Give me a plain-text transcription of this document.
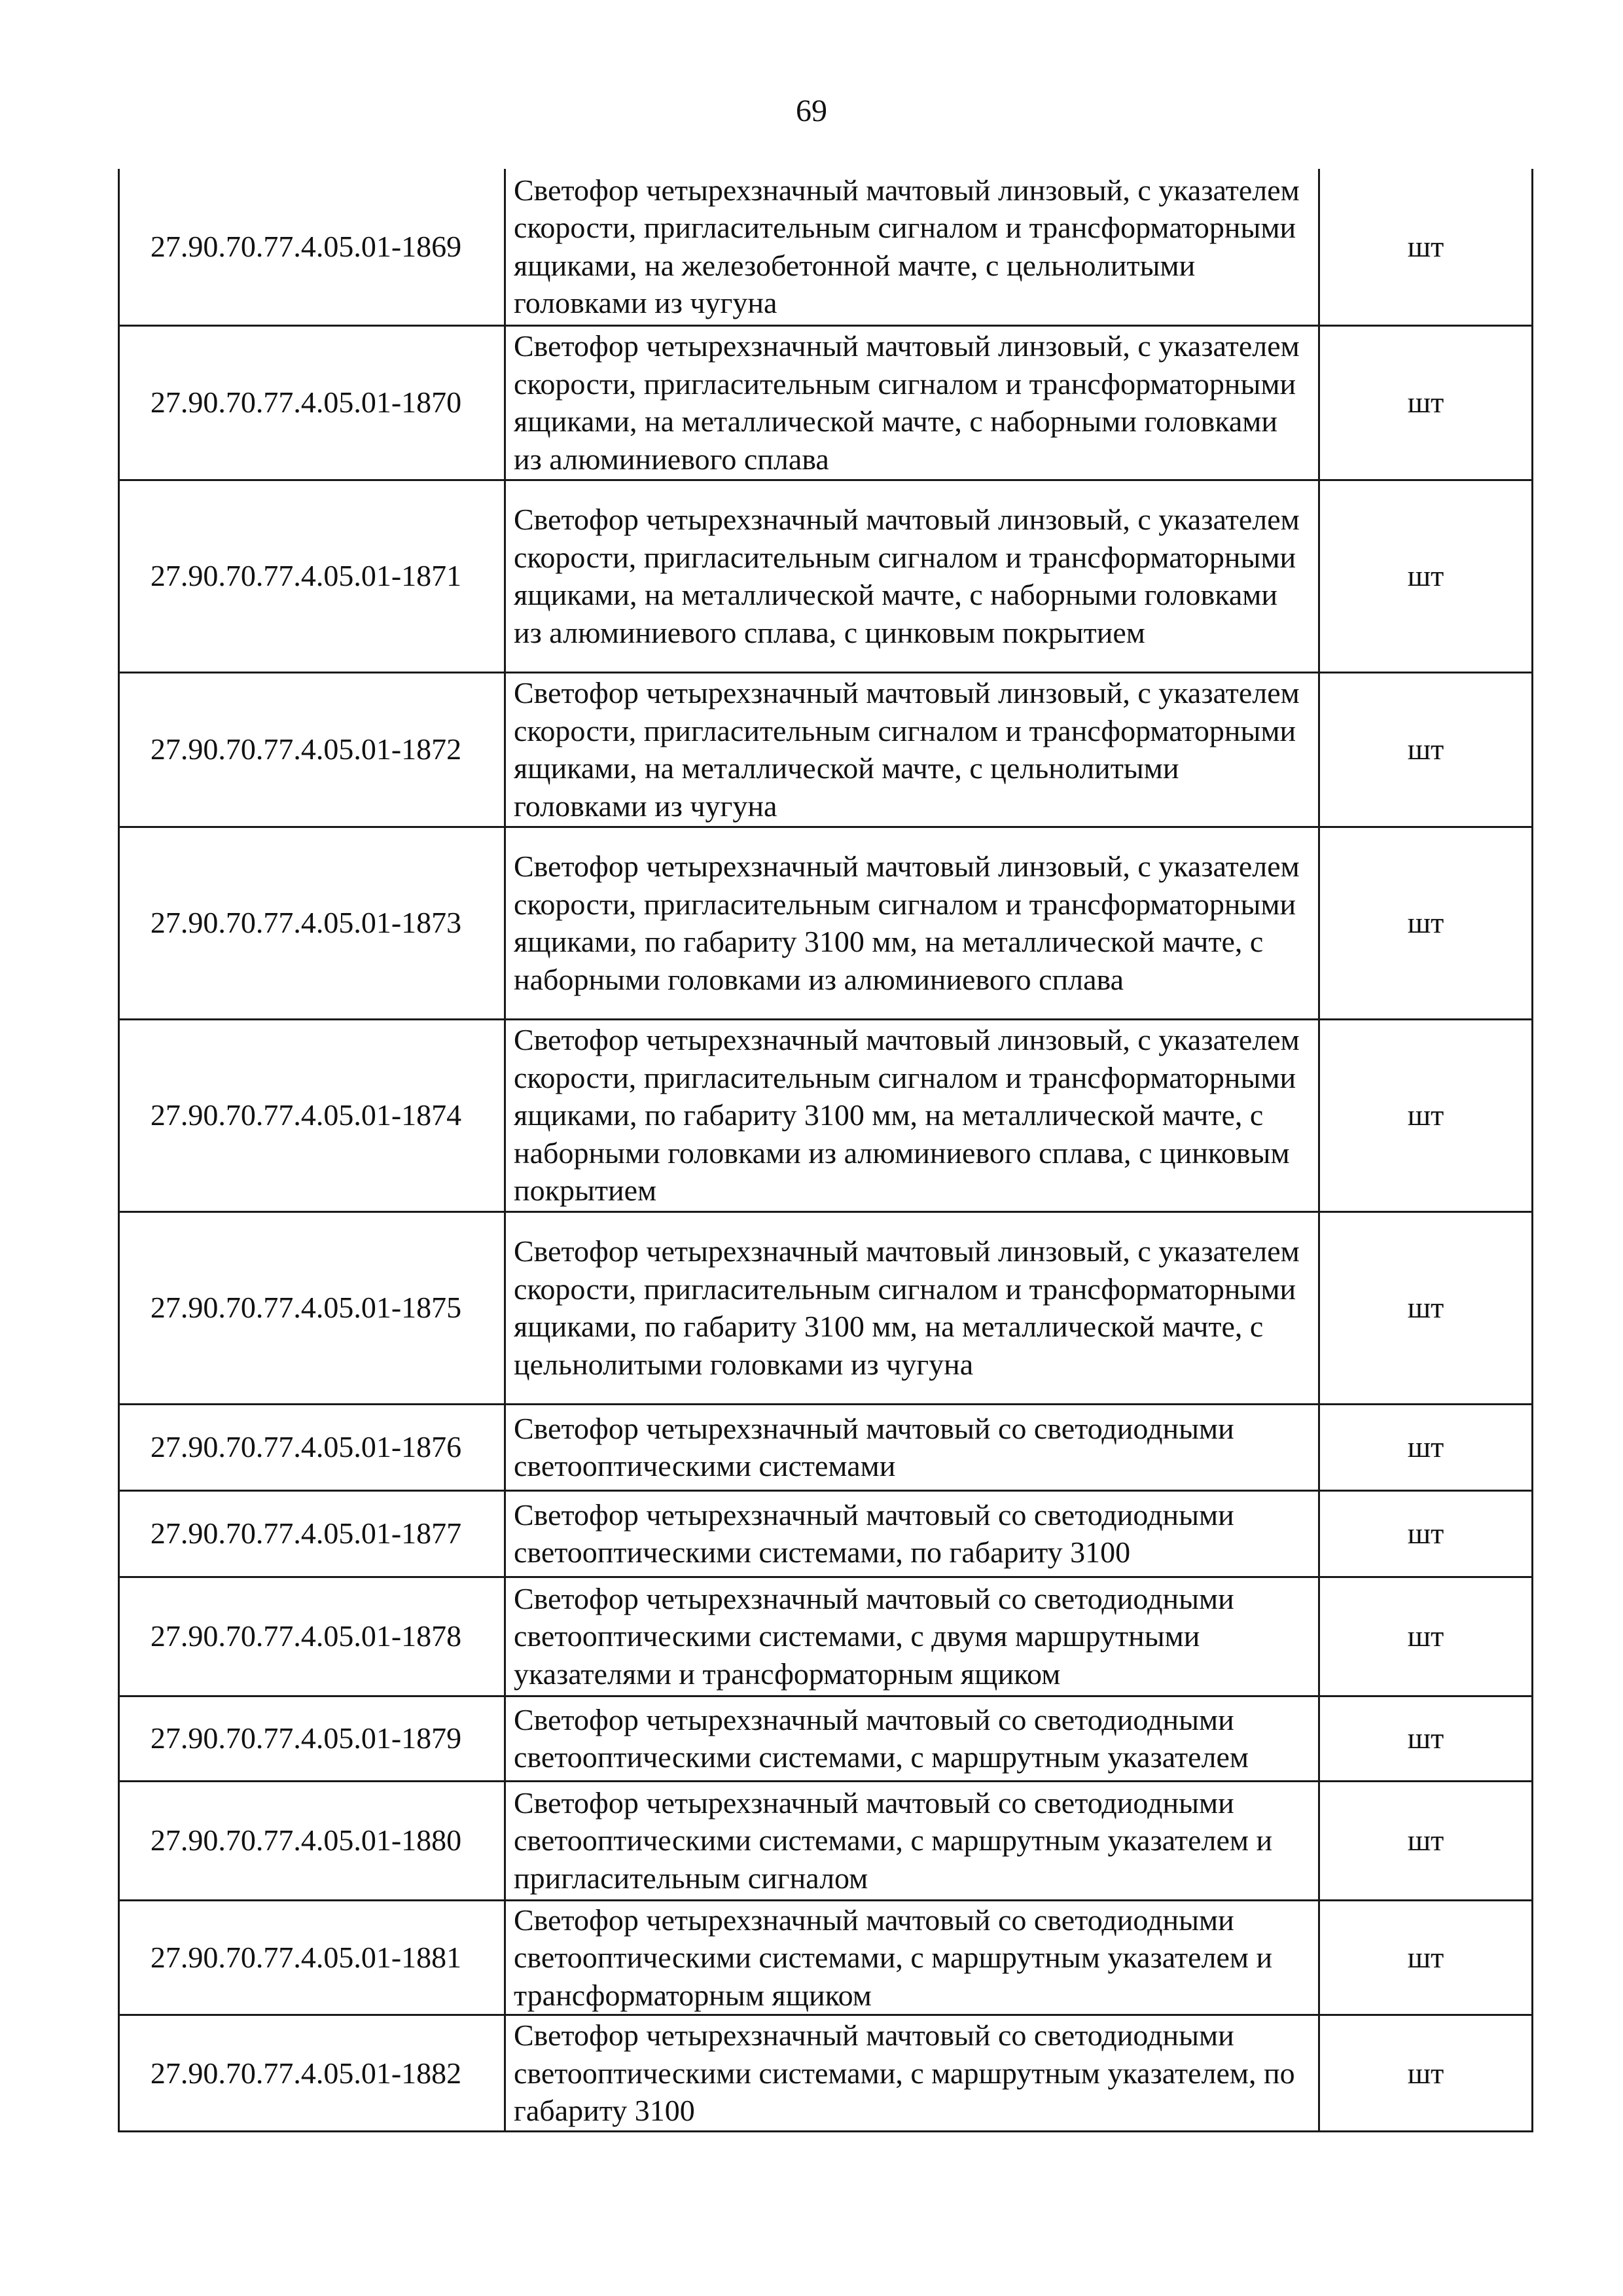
69
27.90.70.77.4.05.01-1869	Светофор четырехзначный мачтовый линзовый, с указателем скорости, пригласительным сигналом и трансформаторными ящиками, на железобетонной мачте, с цельнолитыми головками из чугуна	шт
27.90.70.77.4.05.01-1870	Светофор четырехзначный мачтовый линзовый, с указателем скорости, пригласительным сигналом и трансформаторными ящиками, на металлической мачте, с наборными головками из алюминиевого сплава	шт
27.90.70.77.4.05.01-1871	Светофор четырехзначный мачтовый линзовый, с указателем скорости, пригласительным сигналом и трансформаторными ящиками, на металлической мачте, с наборными головками из алюминиевого сплава, с цинковым покрытием	шт
27.90.70.77.4.05.01-1872	Светофор четырехзначный мачтовый линзовый, с указателем скорости, пригласительным сигналом и трансформаторными ящиками, на металлической мачте, с цельнолитыми головками из чугуна	шт
27.90.70.77.4.05.01-1873	Светофор четырехзначный мачтовый линзовый, с указателем скорости, пригласительным сигналом и трансформаторными ящиками, по габариту 3100 мм, на металлической мачте, с наборными головками из алюминиевого сплава	шт
27.90.70.77.4.05.01-1874	Светофор четырехзначный мачтовый линзовый, с указателем скорости, пригласительным сигналом и трансформаторными ящиками, по габариту 3100 мм, на металлической мачте, с наборными головками из алюминиевого сплава, с цинковым покрытием	шт
27.90.70.77.4.05.01-1875	Светофор четырехзначный мачтовый линзовый, с указателем скорости, пригласительным сигналом и трансформаторными ящиками, по габариту 3100 мм, на металлической мачте, с цельнолитыми головками из чугуна	шт
27.90.70.77.4.05.01-1876	Светофор четырехзначный мачтовый со светодиодными светооптическими системами	шт
27.90.70.77.4.05.01-1877	Светофор четырехзначный мачтовый со светодиодными светооптическими системами, по габариту 3100	шт
27.90.70.77.4.05.01-1878	Светофор четырехзначный мачтовый со светодиодными светооптическими системами, с двумя маршрутными указателями и трансформаторным ящиком	шт
27.90.70.77.4.05.01-1879	Светофор четырехзначный мачтовый со светодиодными светооптическими системами, с маршрутным указателем	шт
27.90.70.77.4.05.01-1880	Светофор четырехзначный мачтовый со светодиодными светооптическими системами, с маршрутным указателем и пригласительным сигналом	шт
27.90.70.77.4.05.01-1881	Светофор четырехзначный мачтовый со светодиодными светооптическими системами, с маршрутным указателем и трансформаторным ящиком	шт
27.90.70.77.4.05.01-1882	Светофор четырехзначный мачтовый со светодиодными светооптическими системами, с маршрутным указателем, по габариту 3100	шт
